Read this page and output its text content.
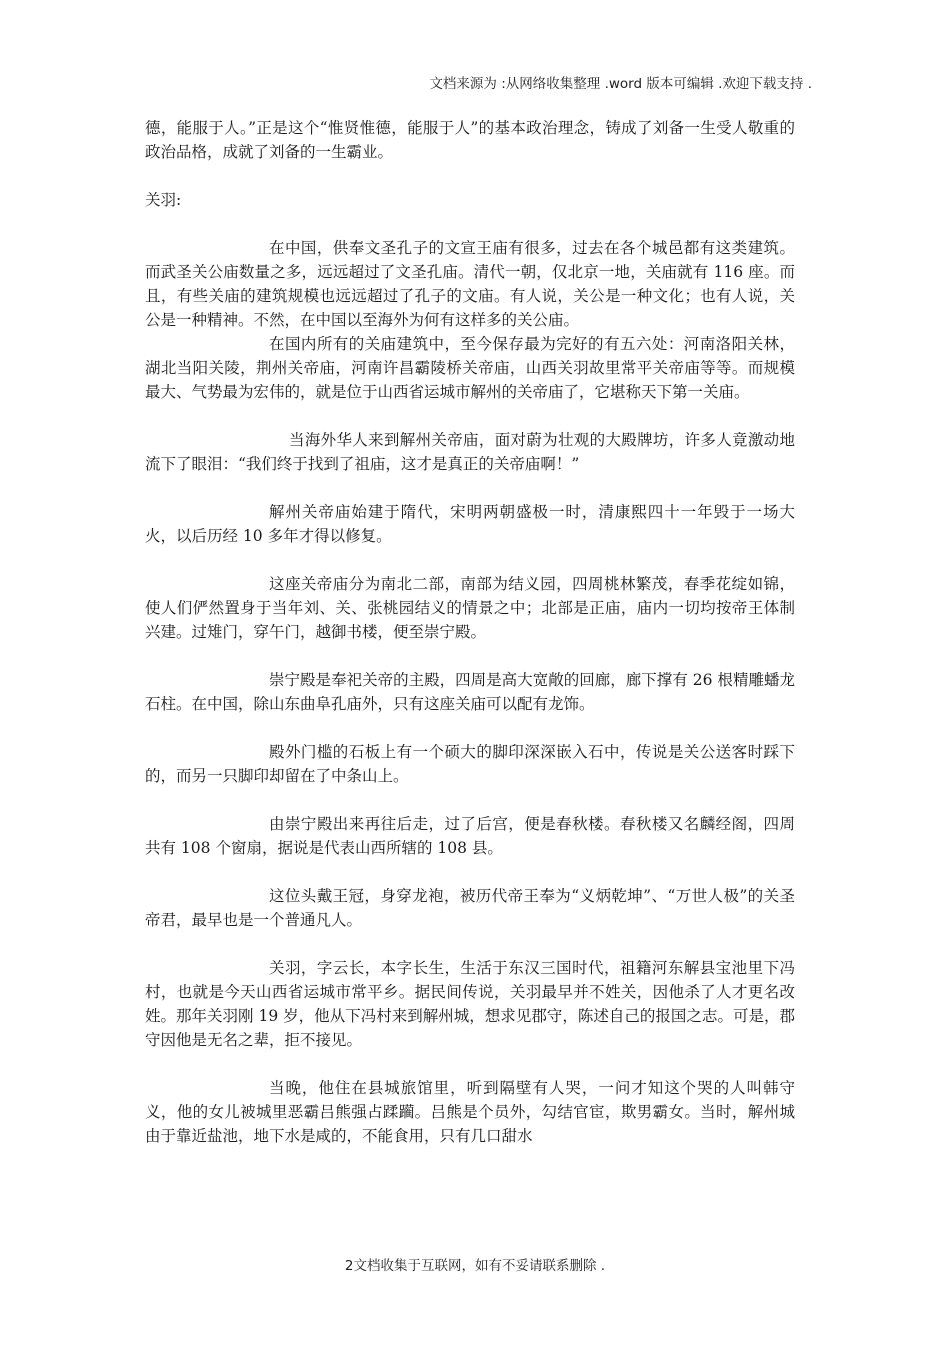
文档来源为 :从网络收集整理 .word 版本可编辑 .欢迎下载支持 .

德，能服于人。”正是这个“惟贤惟德，能服于人”的基本政治理念，铸成了刘备一生受人敬重的政治品格，成就了刘备的一生霸业。

关羽:

在中国，供奉文圣孔子的文宣王庙有很多，过去在各个城邑都有这类建筑。而武圣关公庙数量之多，远远超过了文圣孔庙。清代一朝，仅北京一地，关庙就有 116 座。而且，有些关庙的建筑规模也远远超过了孔子的文庙。有人说，关公是一种文化；也有人说，关公是一种精神。不然，在中国以至海外为何有这样多的关公庙。

在国内所有的关庙建筑中，至今保存最为完好的有五六处：河南洛阳关林，湖北当阳关陵，荆州关帝庙，河南许昌霸陵桥关帝庙，山西关羽故里常平关帝庙等等。而规模最大、气势最为宏伟的，就是位于山西省运城市解州的关帝庙了，它堪称天下第一关庙。

当海外华人来到解州关帝庙，面对蔚为壮观的大殿牌坊，许多人竟激动地流下了眼泪：“我们终于找到了祖庙，这才是真正的关帝庙啊！”

解州关帝庙始建于隋代，宋明两朝盛极一时，清康熙四十一年毁于一场大火，以后历经 10 多年才得以修复。

这座关帝庙分为南北二部，南部为结义园，四周桃林繁茂，春季花绽如锦，使人们俨然置身于当年刘、关、张桃园结义的情景之中；北部是正庙，庙内一切均按帝王体制兴建。过雉门，穿午门，越御书楼，便至崇宁殿。

崇宁殿是奉祀关帝的主殿，四周是高大宽敞的回廊，廊下撑有 26 根精雕蟠龙石柱。在中国，除山东曲阜孔庙外，只有这座关庙可以配有龙饰。

殿外门槛的石板上有一个硕大的脚印深深嵌入石中，传说是关公送客时踩下的，而另一只脚印却留在了中条山上。

由崇宁殿出来再往后走，过了后宫，便是春秋楼。春秋楼又名麟经阁，四周共有 108 个窗扇，据说是代表山西所辖的 108 县。

这位头戴王冠，身穿龙袍，被历代帝王奉为“义炳乾坤”、“万世人极”的关圣帝君，最早也是一个普通凡人。

关羽，字云长，本字长生，生活于东汉三国时代，祖籍河东解县宝池里下冯村，也就是今天山西省运城市常平乡。据民间传说，关羽最早并不姓关，因他杀了人才更名改姓。那年关羽刚 19 岁，他从下冯村来到解州城，想求见郡守，陈述自己的报国之志。可是，郡守因他是无名之辈，拒不接见。

当晚，他住在县城旅馆里，听到隔壁有人哭，一问才知这个哭的人叫韩守义，他的女儿被城里恶霸吕熊强占蹂躏。吕熊是个员外，勾结官宦，欺男霸女。当时，解州城由于靠近盐池，地下水是咸的，不能食用，只有几口甜水

2文档收集于互联网，如有不妥请联系删除 .
